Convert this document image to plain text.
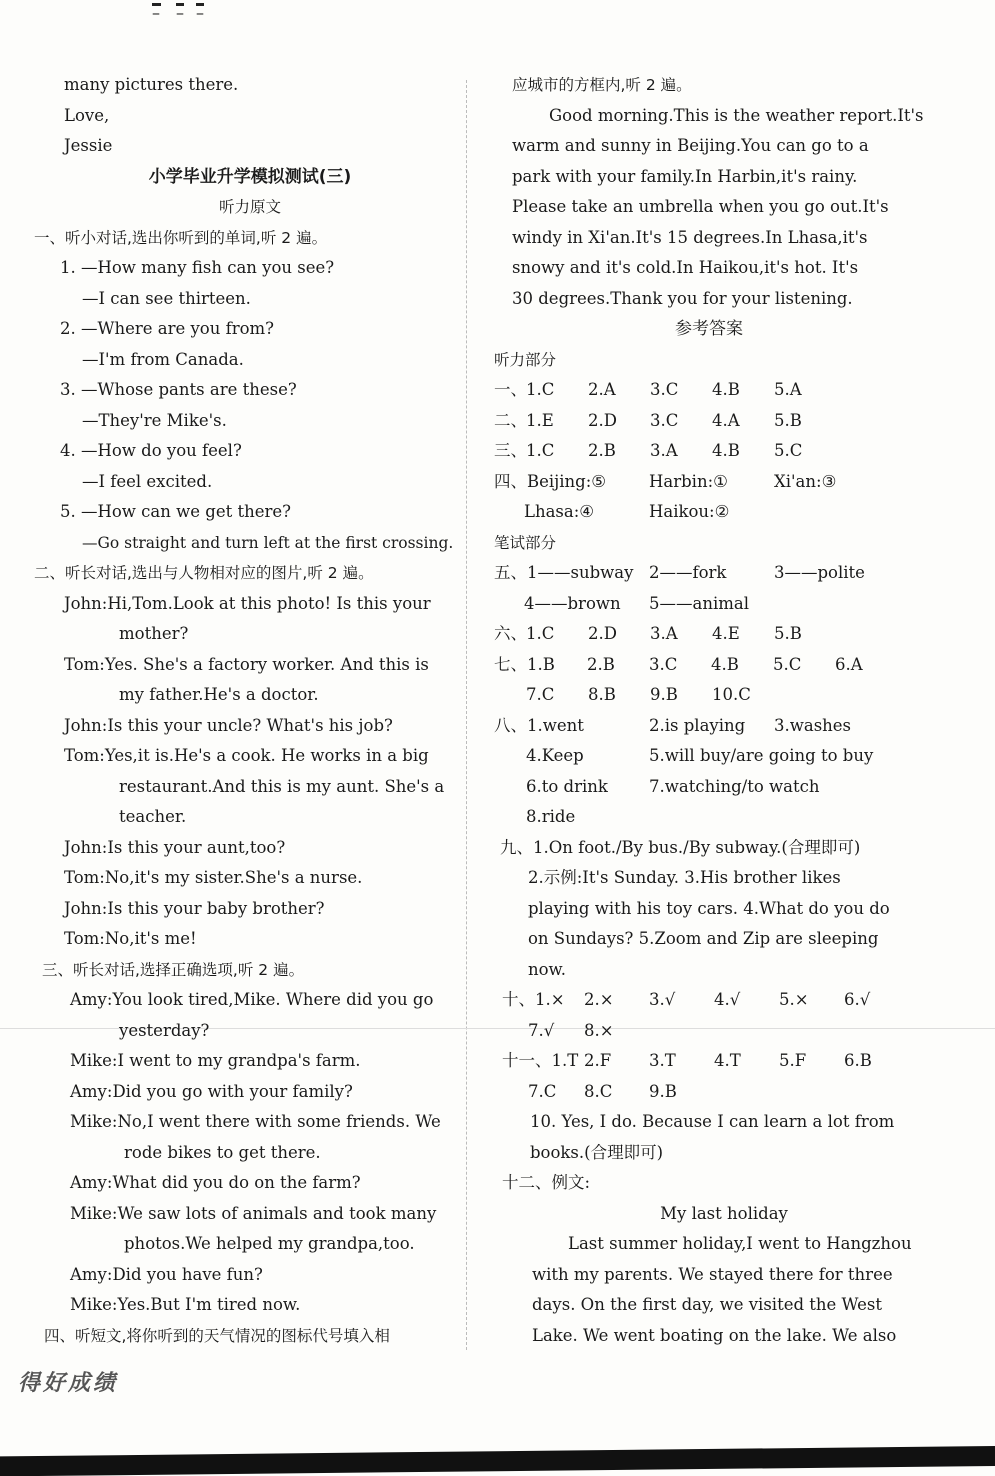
– – –
many pictures there.
Love,
Jessie
小学毕业升学模拟测试(三)
听力原文
一、听小对话,选出你听到的单词,听 2 遍。
1. —How many fish can you see?
—I can see thirteen.
2. —Where are you from?
—I'm from Canada.
3. —Whose pants are these?
—They're Mike's.
4. —How do you feel?
—I feel excited.
5. —How can we get there?
—Go straight and turn left at the first crossing.
二、听长对话,选出与人物相对应的图片,听 2 遍。
John:Hi,Tom.Look at this photo! Is this your
mother?
Tom:Yes. She's a factory worker. And this is
my father.He's a doctor.
John:Is this your uncle? What's his job?
Tom:Yes,it is.He's a cook. He works in a big
restaurant.And this is my aunt. She's a
teacher.
John:Is this your aunt,too?
Tom:No,it's my sister.She's a nurse.
John:Is this your baby brother?
Tom:No,it's me!
三、听长对话,选择正确选项,听 2 遍。
Amy:You look tired,Mike. Where did you go
yesterday?
Mike:I went to my grandpa's farm.
Amy:Did you go with your family?
Mike:No,I went there with some friends. We
rode bikes to get there.
Amy:What did you do on the farm?
Mike:We saw lots of animals and took many
photos.We helped my grandpa,too.
Amy:Did you have fun?
Mike:Yes.But I'm tired now.
四、听短文,将你听到的天气情况的图标代号填入相
应城市的方框内,听 2 遍。
Good morning.This is the weather report.It's
warm and sunny in Beijing.You can go to a
park with your family.In Harbin,it's rainy.
Please take an umbrella when you go out.It's
windy in Xi'an.It's 15 degrees.In Lhasa,it's
snowy and it's cold.In Haikou,it's hot. It's
30 degrees.Thank you for your listening.
参考答案
听力部分
一、 1.C	2.A	3.C	4.B	5.A
二、 1.E	2.D	3.C	4.A	5.B
三、 1.C	2.B	3.A	4.B	5.C
四、Beijing:⑤	Harbin:①	Xi'an:③
Lhasa:④	Haikou:②
笔试部分
五、1——subway 2——fork	3——polite
4——brown	5——animal
六、 1.C	2.D	3.A	4.E	5.B
七、1.B	2.B	3.C	4.B	5.C	6.A
7.C	8.B	9.B	10.C
八、1.went	2.is playing	3.washes
4.Keep	5.will buy/are going to buy
6.to drink	7.watching/to watch
8.ride
九、1.On foot./By bus./By subway.(合理即可)
2.示例:It's Sunday. 3.His brother likes
playing with his toy cars. 4.What do you do
on Sundays? 5.Zoom and Zip are sleeping
now.
十、1.×	2.×	3.√	4.√	5.×	6.√
7.√	8.×
十一、1.T 2.F	3.T	4.T	5.F	6.B
7.C	8.C	9.B
10. Yes, I do. Because I can learn a lot from
books.(合理即可)
十二、例文:
My last holiday
Last summer holiday,I went to Hangzhou
with my parents. We stayed there for three
days. On the first day, we visited the West
Lake. We went boating on the lake. We also
得好成绩
